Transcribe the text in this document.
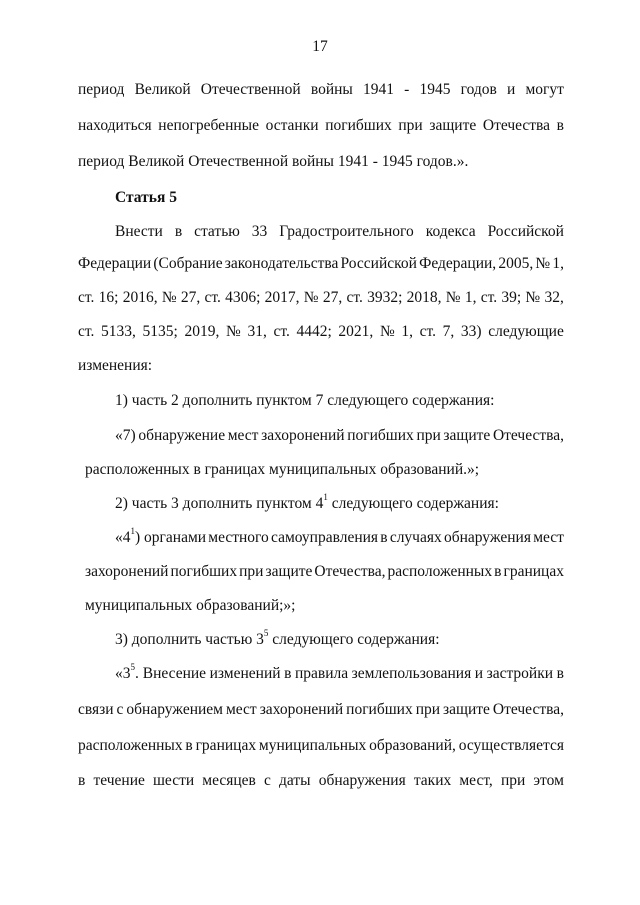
17
период Великой Отечественной войны 1941 - 1945 годов и могут
находиться непогребенные останки погибших при защите Отечества в
период Великой Отечественной войны 1941 - 1945 годов.».
Статья 5
Внести в статью 33 Градостроительного кодекса Российской
Федерации (Собрание законодательства Российской Федерации, 2005, № 1,
ст. 16; 2016, № 27, ст. 4306; 2017, № 27, ст. 3932; 2018, № 1, ст. 39; № 32,
ст. 5133, 5135; 2019, № 31, ст. 4442; 2021, № 1, ст. 7, 33) следующие
изменения:
1) часть 2 дополнить пунктом 7 следующего содержания:
«7) обнаружение мест захоронений погибших при защите Отечества,
расположенных в границах муниципальных образований.»;
2) часть 3 дополнить пунктом $4^1$ следующего содержания:
«$4^1$) органами местного самоуправления в случаях обнаружения мест
захоронений погибших при защите Отечества, расположенных в границах
муниципальных образований;»;
3) дополнить частью $3^5$ следующего содержания:
«$3^5$. Внесение изменений в правила землепользования и застройки в
связи с обнаружением мест захоронений погибших при защите Отечества,
расположенных в границах муниципальных образований, осуществляется
в течение шести месяцев с даты обнаружения таких мест, при этом
